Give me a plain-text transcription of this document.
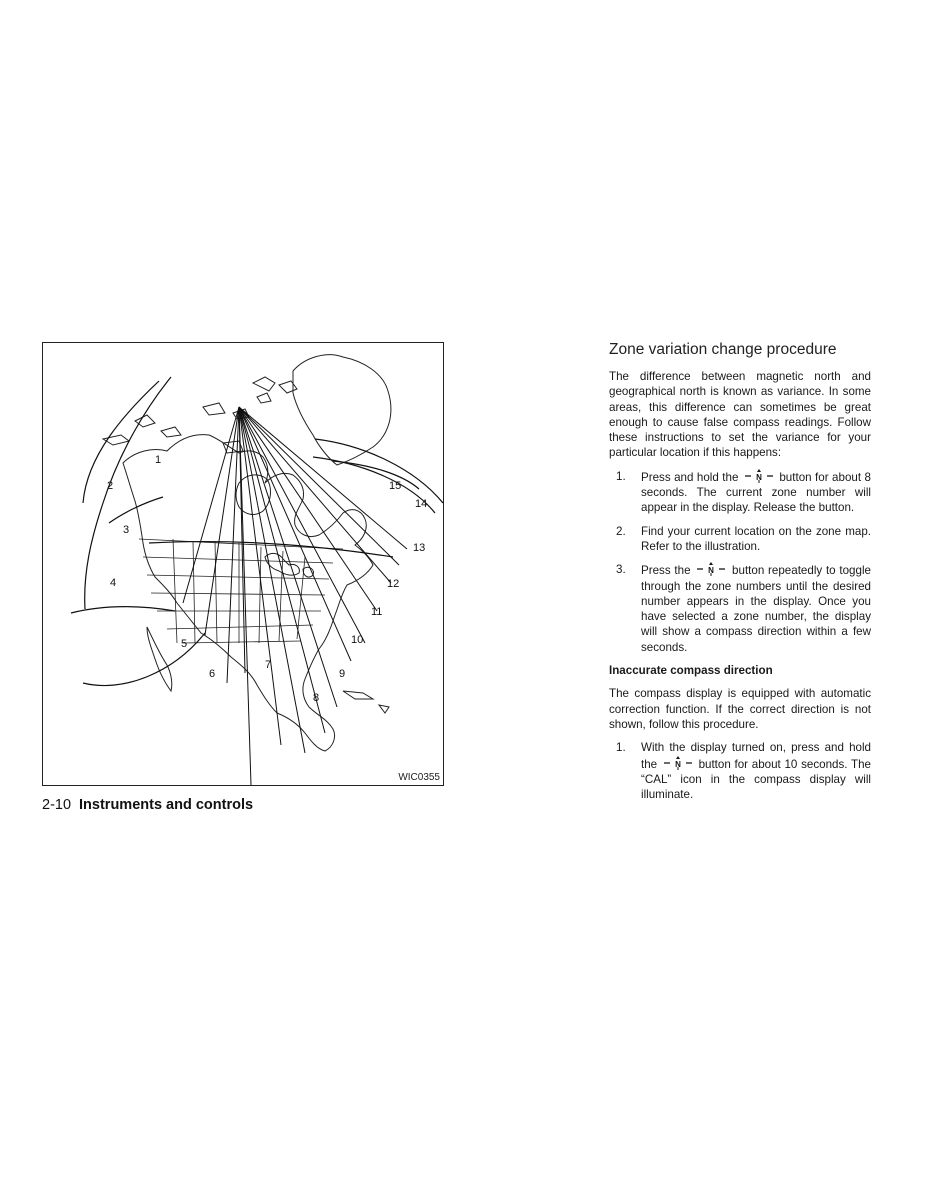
1
2
3
4
5
6
7
8
9
10
11
12
13
14
15
WIC0355
2-10 Instruments and controls
Zone variation change procedure

The difference between magnetic north and geographical north is known as variance. In some areas, this difference can sometimes be great enough to cause false compass readings. Follow these instructions to set the variance for your particular location if this happens:

1.	Press and hold the N button for about 8 seconds. The current zone number will appear in the display. Release the button.
2.	Find your current location on the zone map. Refer to the illustration.
3.	Press the N button repeatedly to toggle through the zone numbers until the desired number appears in the display. Once you have selected a zone number, the display will show a compass direction within a few seconds.
Inaccurate compass direction

The compass display is equipped with automatic correction function. If the correct direction is not shown, follow this procedure.

1.	With the display turned on, press and hold the N button for about 10 seconds. The “CAL” icon in the compass display will illuminate.
